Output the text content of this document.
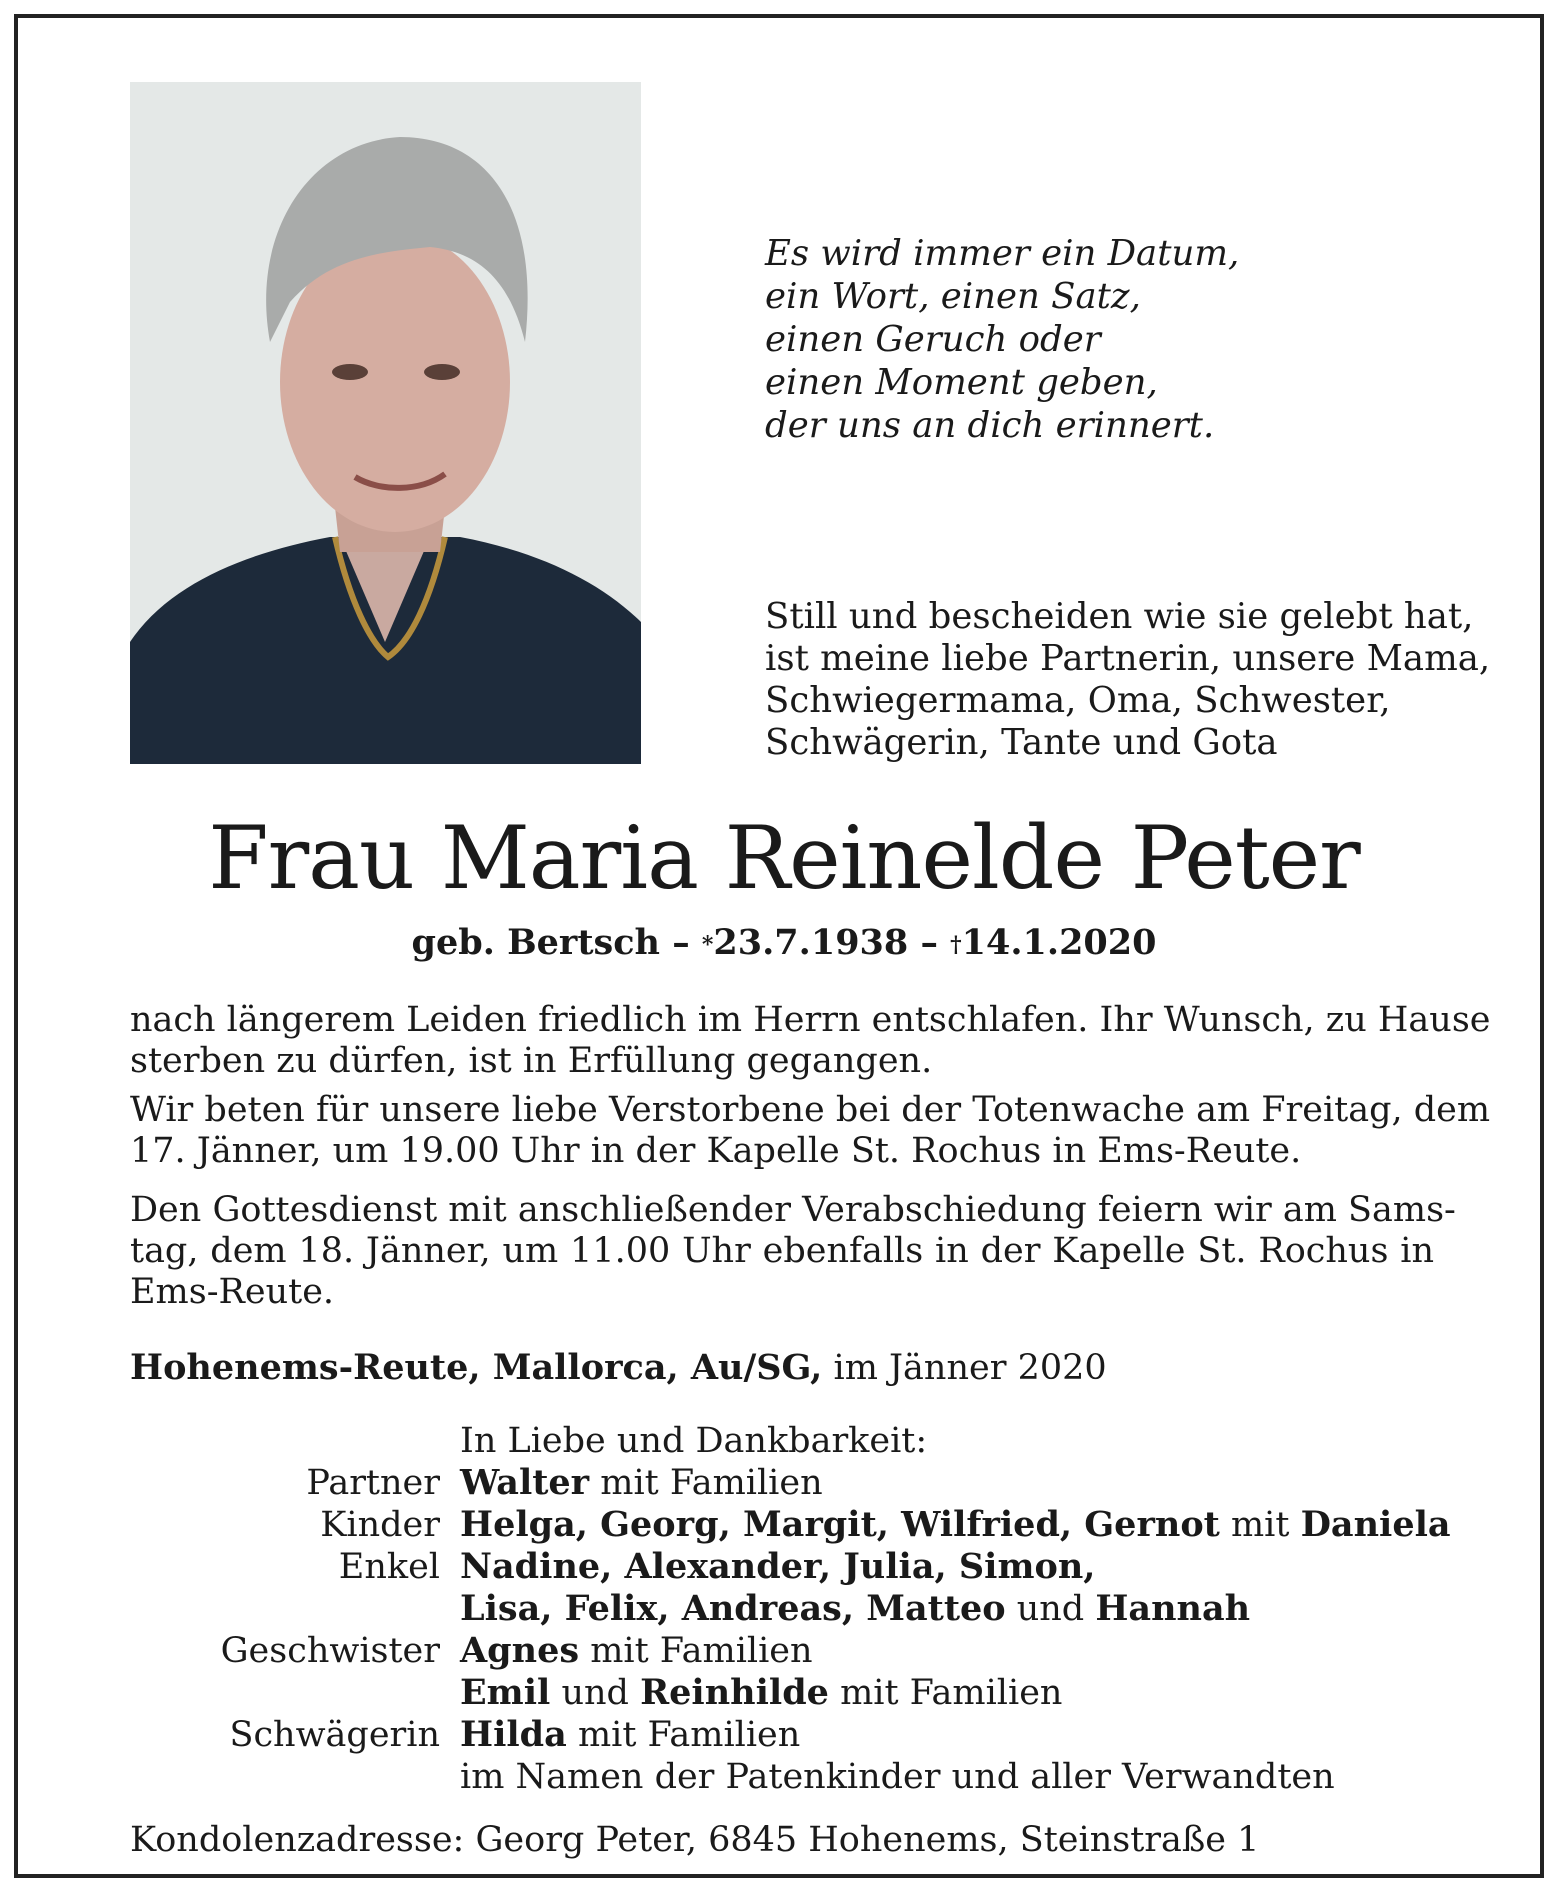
Es wird immer ein Datum,
ein Wort, einen Satz,
einen Geruch oder
einen Moment geben,
der uns an dich erinnert.
Still und bescheiden wie sie gelebt hat,
ist meine liebe Partnerin, unsere Mama,
Schwiegermama, Oma, Schwester,
Schwägerin, Tante und Gota
Frau Maria Reinelde Peter
geb. Bertsch – *23.7.1938 – †14.1.2020
nach längerem Leiden friedlich im Herrn entschlafen. Ihr Wunsch, zu Hause
sterben zu dürfen, ist in Erfüllung gegangen.
Wir beten für unsere liebe Verstorbene bei der Totenwache am Freitag, dem
17. Jänner, um 19.00 Uhr in der Kapelle St. Rochus in Ems-Reute.
Den Gottesdienst mit anschließender Verabschiedung feiern wir am Sams-
tag, dem 18. Jänner, um 11.00 Uhr ebenfalls in der Kapelle St. Rochus in
Ems-Reute.
Hohenems-Reute, Mallorca, Au/SG, im Jänner 2020
In Liebe und Dankbarkeit:
Partner Walter mit Familien
Kinder Helga, Georg, Margit, Wilfried, Gernot mit Daniela
Enkel Nadine, Alexander, Julia, Simon,
Lisa, Felix, Andreas, Matteo und Hannah
Geschwister Agnes mit Familien
Emil und Reinhilde mit Familien
Schwägerin Hilda mit Familien
im Namen der Patenkinder und aller Verwandten
Kondolenzadresse: Georg Peter, 6845 Hohenems, Steinstraße 1
